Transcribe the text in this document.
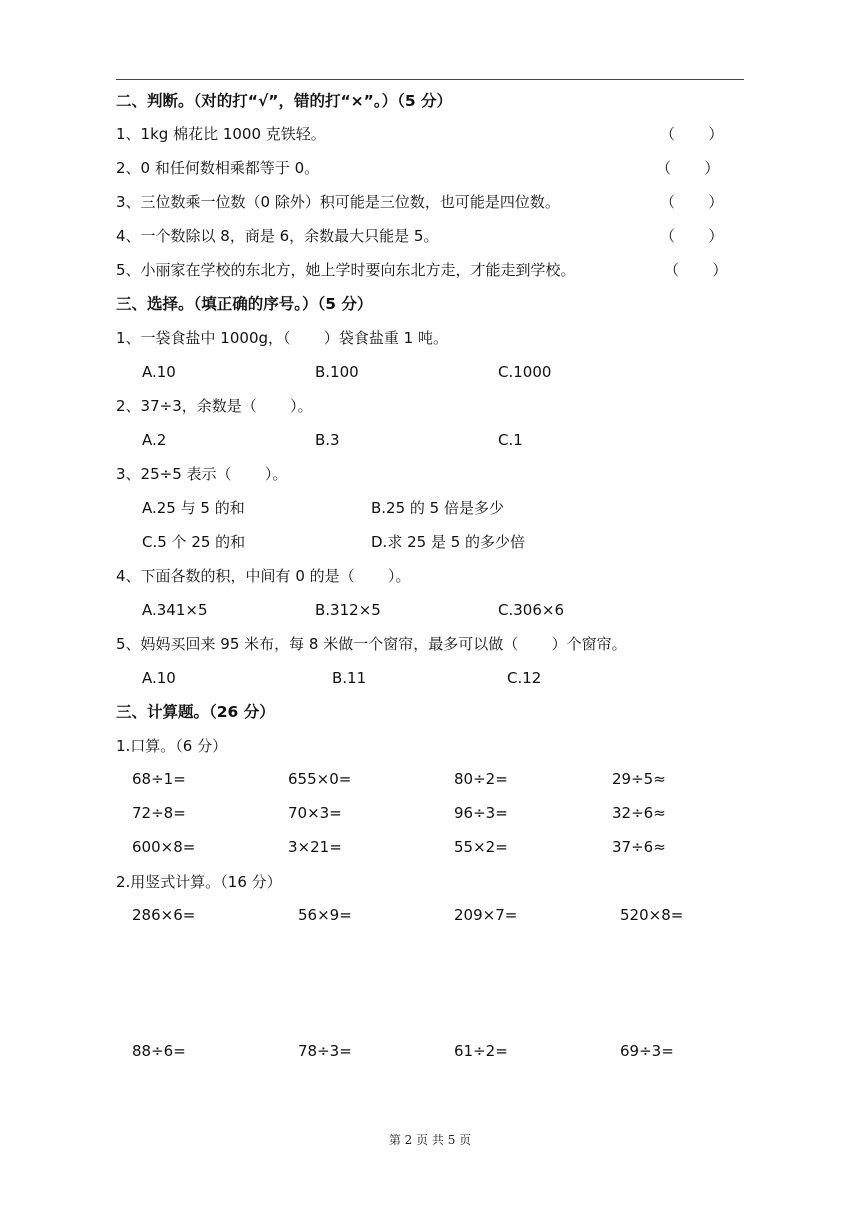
二、判断。（对的打“√”，错的打“×”。）（5 分）
1、1kg 棉花比 1000 克铁轻。	（       ）
2、0 和任何数相乘都等于 0。	（       ）
3、三位数乘一位数（0 除外）积可能是三位数，也可能是四位数。	（       ）
4、一个数除以 8，商是 6，余数最大只能是 5。	（       ）
5、小丽家在学校的东北方，她上学时要向东北方走，才能走到学校。	（       ）
三、选择。（填正确的序号。）（5 分）
1、一袋食盐中 1000g，（       ）袋食盐重 1 吨。
A.10	B.100	C.1000
2、37÷3，余数是（       ）。
A.2	B.3	C.1
3、25÷5 表示（       ）。
A.25 与 5 的和	B.25 的 5 倍是多少
C.5 个 25 的和	D.求 25 是 5 的多少倍
4、下面各数的积，中间有 0 的是（       ）。
A.341×5	B.312×5	C.306×6
5、妈妈买回来 95 米布，每 8 米做一个窗帘，最多可以做（       ）个窗帘。
A.10	B.11	C.12
三、计算题。（26 分）
1.口算。（6 分）
68÷1=	655×0=	80÷2=	29÷5≈
72÷8=	70×3=	96÷3=	32÷6≈
600×8=	3×21=	55×2=	37÷6≈
2.用竖式计算。（16 分）
286×6=	56×9=	209×7=	520×8=
88÷6=	78÷3=	61÷2=	69÷3=
第 2 页 共 5 页
